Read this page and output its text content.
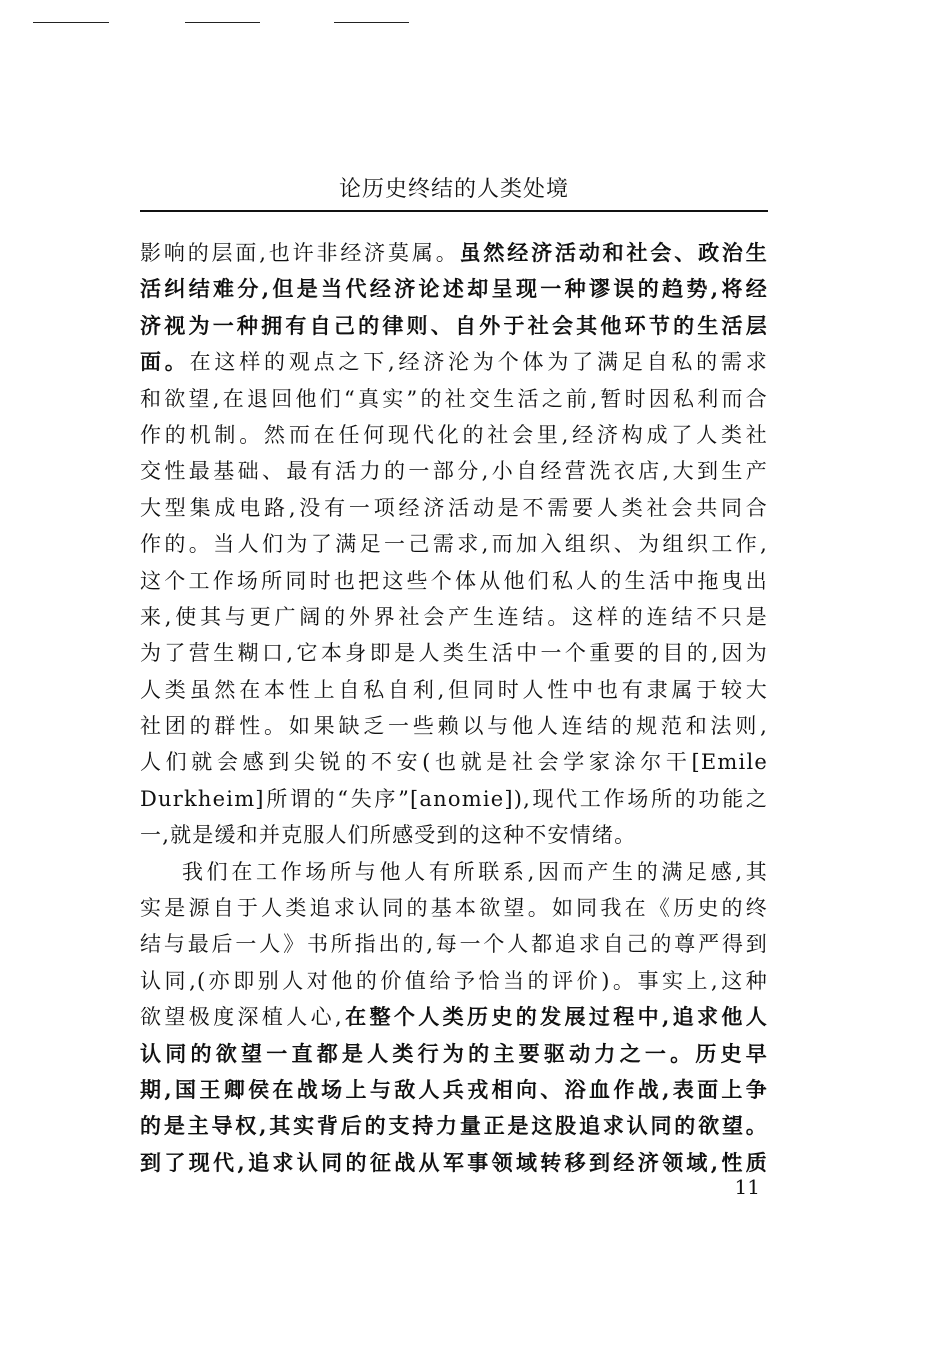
论历史终结的人类处境
影响的层面,也许非经济莫属。虽然经济活动和社会、政治生
活纠结难分,但是当代经济论述却呈现一种谬误的趋势,将经
济视为一种拥有自己的律则、自外于社会其他环节的生活层
面。在这样的观点之下,经济沦为个体为了满足自私的需求
和欲望,在退回他们“真实”的社交生活之前,暂时因私利而合
作的机制。然而在任何现代化的社会里,经济构成了人类社
交性最基础、最有活力的一部分,小自经营洗衣店,大到生产
大型集成电路,没有一项经济活动是不需要人类社会共同合
作的。当人们为了满足一己需求,而加入组织、为组织工作,
这个工作场所同时也把这些个体从他们私人的生活中拖曳出
来,使其与更广阔的外界社会产生连结。这样的连结不只是
为了营生糊口,它本身即是人类生活中一个重要的目的,因为
人类虽然在本性上自私自利,但同时人性中也有隶属于较大
社团的群性。如果缺乏一些赖以与他人连结的规范和法则,
人们就会感到尖锐的不安(也就是社会学家涂尔干[Emile
Durkheim]所谓的“失序”[anomie]),现代工作场所的功能之
一,就是缓和并克服人们所感受到的这种不安情绪。
我们在工作场所与他人有所联系,因而产生的满足感,其
实是源自于人类追求认同的基本欲望。如同我在《历史的终
结与最后一人》书所指出的,每一个人都追求自己的尊严得到
认同,(亦即别人对他的价值给予恰当的评价)。事实上,这种
欲望极度深植人心,在整个人类历史的发展过程中,追求他人
认同的欲望一直都是人类行为的主要驱动力之一。历史早
期,国王卿侯在战场上与敌人兵戎相向、浴血作战,表面上争
的是主导权,其实背后的支持力量正是这股追求认同的欲望。
到了现代,追求认同的征战从军事领域转移到经济领域,性质
11
